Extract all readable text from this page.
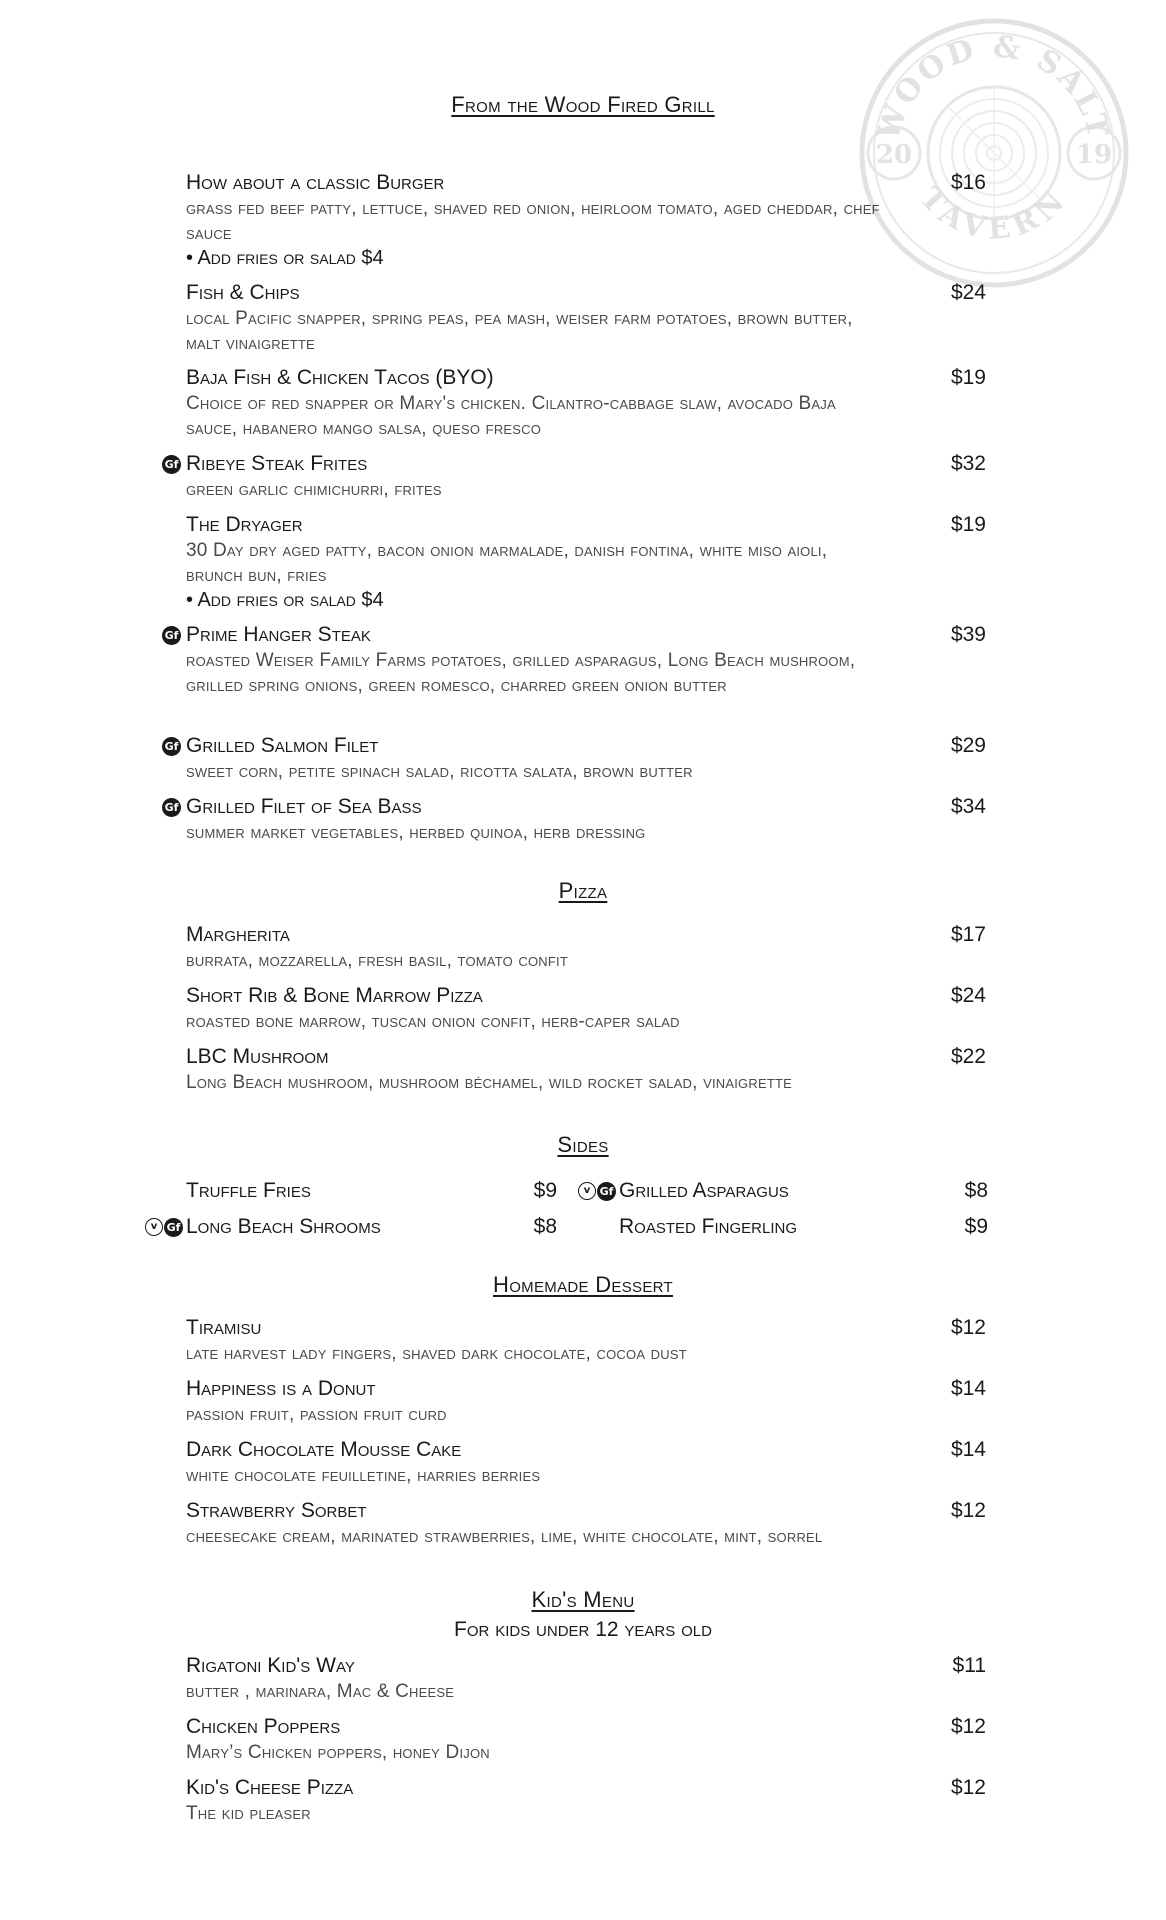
WOOD & SALT
TAVERN
20	19
From the Wood Fired Grill
How about a classic Burger
grass fed beef patty, lettuce, shaved red onion, heirloom tomato, aged cheddar, chef sauce
• Add fries or salad $4
$16
Fish & Chips
local Pacific snapper, spring peas, pea mash, weiser farm potatoes, brown butter, malt vinaigrette
$24
Baja Fish & Chicken Tacos (BYO)
Choice of red snapper or Mary's chicken. Cilantro-cabbage slaw, avocado Baja sauce, habanero mango salsa, queso fresco
$19
Gf Ribeye Steak Frites
green garlic chimichurri, frites
$32
The Dryager
30 Day dry aged patty, bacon onion marmalade, danish fontina, white miso aioli, brunch bun, fries
• Add fries or salad $4
$19
Gf Prime Hanger Steak
roasted Weiser Family Farms potatoes, grilled asparagus, Long Beach mushroom, grilled spring onions, green romesco, charred green onion butter
$39
Gf Grilled Salmon Filet
sweet corn, petite spinach salad, ricotta salata, brown butter
$29
Gf Grilled Filet of Sea Bass
summer market vegetables, herbed quinoa, herb dressing
$34
Pizza
Margherita
burrata, mozzarella, fresh basil, tomato confit
$17
Short Rib & Bone Marrow Pizza
roasted bone marrow, tuscan onion confit, herb-caper salad
$24
LBC Mushroom
Long Beach mushroom, mushroom béchamel, wild rocket salad, vinaigrette
$22
Sides
Truffle Fries	$9	v Gf Grilled Asparagus	$8
v Gf Long Beach Shrooms	$8	Roasted Fingerling	$9
Homemade Dessert
Tiramisu
late harvest lady fingers, shaved dark chocolate, cocoa dust
$12
Happiness is a Donut
passion fruit, passion fruit curd
$14
Dark Chocolate Mousse Cake
white chocolate feuilletine, harries berries
$14
Strawberry Sorbet
cheesecake cream, marinated strawberries, lime, white chocolate, mint, sorrel
$12
Kid's Menu
For kids under 12 years old
Rigatoni Kid's Way
butter , marinara, Mac & Cheese
$11
Chicken Poppers
Mary’s Chicken poppers, honey Dijon
$12
Kid's Cheese Pizza
The kid pleaser
$12
